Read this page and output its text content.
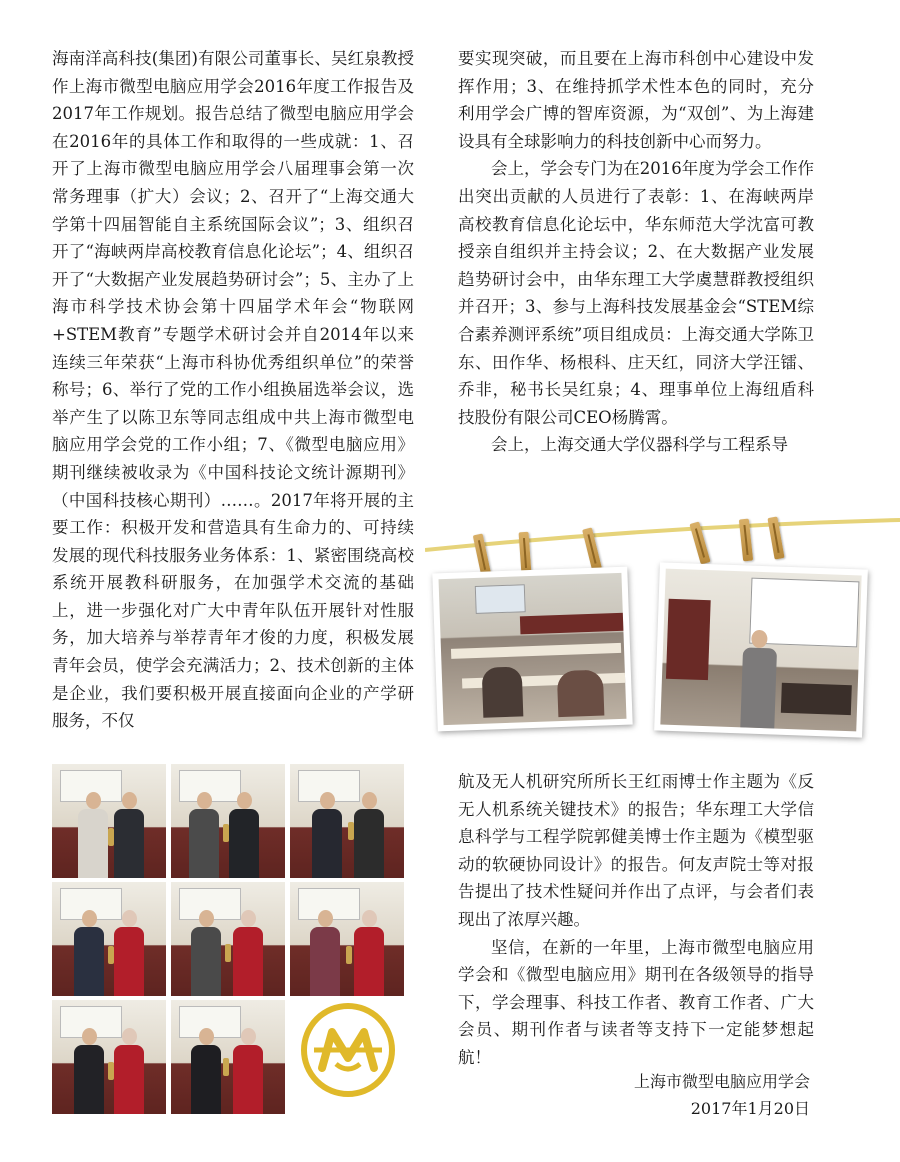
海南洋高科技(集团)有限公司董事长、吴红泉教授作上海市微型电脑应用学会2016年度工作报告及2017年工作规划。报告总结了微型电脑应用学会在2016年的具体工作和取得的一些成就：1、召开了上海市微型电脑应用学会八届理事会第一次常务理事（扩大）会议；2、召开了“上海交通大学第十四届智能自主系统国际会议”；3、组织召开了“海峡两岸高校教育信息化论坛”；4、组织召开了“大数据产业发展趋势研讨会”；5、主办了上海市科学技术协会第十四届学术年会“物联网+STEM教育”专题学术研讨会并自2014年以来连续三年荣获“上海市科协优秀组织单位”的荣誉称号；6、举行了党的工作小组换届选举会议，选举产生了以陈卫东等同志组成中共上海市微型电脑应用学会党的工作小组；7、《微型电脑应用》期刊继续被收录为《中国科技论文统计源期刊》（中国科技核心期刊）……。2017年将开展的主要工作：积极开发和营造具有生命力的、可持续发展的现代科技服务业务体系：1、紧密围绕高校系统开展教科研服务，在加强学术交流的基础上，进一步强化对广大中青年队伍开展针对性服务，加大培养与举荐青年才俊的力度，积极发展青年会员，使学会充满活力；2、技术创新的主体是企业，我们要积极开展直接面向企业的产学研服务，不仅

要实现突破，而且要在上海市科创中心建设中发挥作用；3、在维持抓学术性本色的同时，充分利用学会广博的智库资源，为“双创”、为上海建设具有全球影响力的科技创新中心而努力。

会上，学会专门为在2016年度为学会工作作出突出贡献的人员进行了表彰：1、在海峡两岸高校教育信息化论坛中，华东师范大学沈富可教授亲自组织并主持会议；2、在大数据产业发展趋势研讨会中，由华东理工大学虞慧群教授组织并召开；3、参与上海科技发展基金会“STEM综合素养测评系统”项目组成员：上海交通大学陈卫东、田作华、杨根科、庄天红，同济大学汪镭、乔非，秘书长吴红泉；4、理事单位上海纽盾科技股份有限公司CEO杨腾霄。

会上，上海交通大学仪器科学与工程系导

航及无人机研究所所长王红雨博士作主题为《反无人机系统关键技术》的报告；华东理工大学信息科学与工程学院郭健美博士作主题为《模型驱动的软硬协同设计》的报告。何友声院士等对报告提出了技术性疑问并作出了点评，与会者们表现出了浓厚兴趣。

坚信，在新的一年里，上海市微型电脑应用学会和《微型电脑应用》期刊在各级领导的指导下，学会理事、科技工作者、教育工作者、广大会员、期刊作者与读者等支持下一定能梦想起航！

上海市微型电脑应用学会
2017年1月20日
